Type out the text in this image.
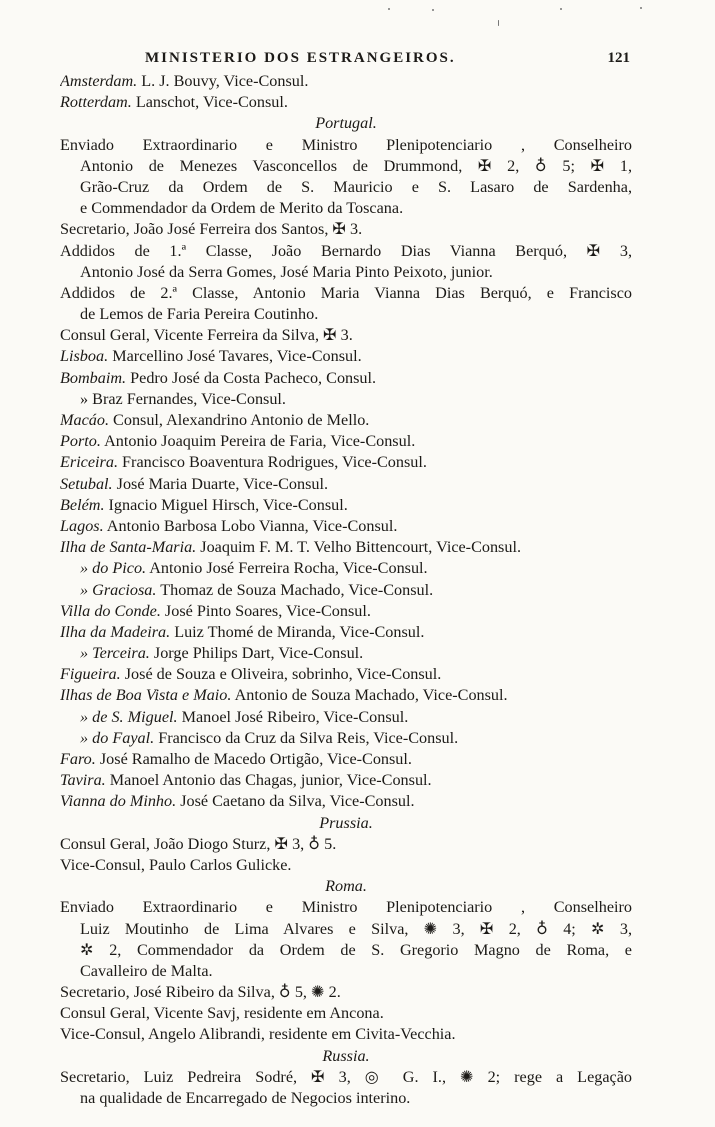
MINISTERIO DOS ESTRANGEIROS.	121
Amsterdam. L. J. Bouvy, Vice-Consul.
Rotterdam. Lanschot, Vice-Consul.
Portugal.
Enviado Extraordinario e Ministro Plenipotenciario , Conselheiro
Antonio de Menezes Vasconcellos de Drummond, ✠ 2, ♁ 5; ✠ 1,
Grão-Cruz da Ordem de S. Mauricio e S. Lasaro de Sardenha,
e Commendador da Ordem de Merito da Toscana.
Secretario, João José Ferreira dos Santos, ✠ 3.
Addidos de 1.ª Classe, João Bernardo Dias Vianna Berquó, ✠ 3,
Antonio José da Serra Gomes, José Maria Pinto Peixoto, junior.
Addidos de 2.ª Classe, Antonio Maria Vianna Dias Berquó, e Francisco
de Lemos de Faria Pereira Coutinho.
Consul Geral, Vicente Ferreira da Silva, ✠ 3.
Lisboa. Marcellino José Tavares, Vice-Consul.
Bombaim. Pedro José da Costa Pacheco, Consul.
» Braz Fernandes, Vice-Consul.
Macáo. Consul, Alexandrino Antonio de Mello.
Porto. Antonio Joaquim Pereira de Faria, Vice-Consul.
Ericeira. Francisco Boaventura Rodrigues, Vice-Consul.
Setubal. José Maria Duarte, Vice-Consul.
Belém. Ignacio Miguel Hirsch, Vice-Consul.
Lagos. Antonio Barbosa Lobo Vianna, Vice-Consul.
Ilha de Santa-Maria. Joaquim F. M. T. Velho Bittencourt, Vice-Consul.
» do Pico. Antonio José Ferreira Rocha, Vice-Consul.
» Graciosa. Thomaz de Souza Machado, Vice-Consul.
Villa do Conde. José Pinto Soares, Vice-Consul.
Ilha da Madeira. Luiz Thomé de Miranda, Vice-Consul.
» Terceira. Jorge Philips Dart, Vice-Consul.
Figueira. José de Souza e Oliveira, sobrinho, Vice-Consul.
Ilhas de Boa Vista e Maio. Antonio de Souza Machado, Vice-Consul.
» de S. Miguel. Manoel José Ribeiro, Vice-Consul.
» do Fayal. Francisco da Cruz da Silva Reis, Vice-Consul.
Faro. José Ramalho de Macedo Ortigão, Vice-Consul.
Tavira. Manoel Antonio das Chagas, junior, Vice-Consul.
Vianna do Minho. José Caetano da Silva, Vice-Consul.
Prussia.
Consul Geral, João Diogo Sturz, ✠ 3, ♁ 5.
Vice-Consul, Paulo Carlos Gulicke.
Roma.
Enviado Extraordinario e Ministro Plenipotenciario , Conselheiro
Luiz Moutinho de Lima Alvares e Silva, ✺ 3, ✠ 2, ♁ 4; ✲ 3,
✲ 2, Commendador da Ordem de S. Gregorio Magno de Roma, e
Cavalleiro de Malta.
Secretario, José Ribeiro da Silva, ♁ 5, ✺ 2.
Consul Geral, Vicente Savj, residente em Ancona.
Vice-Consul, Angelo Alibrandi, residente em Civita-Vecchia.
Russia.
Secretario, Luiz Pedreira Sodré, ✠ 3, ◎ G. I., ✺ 2; rege a Legação
na qualidade de Encarregado de Negocios interino.
